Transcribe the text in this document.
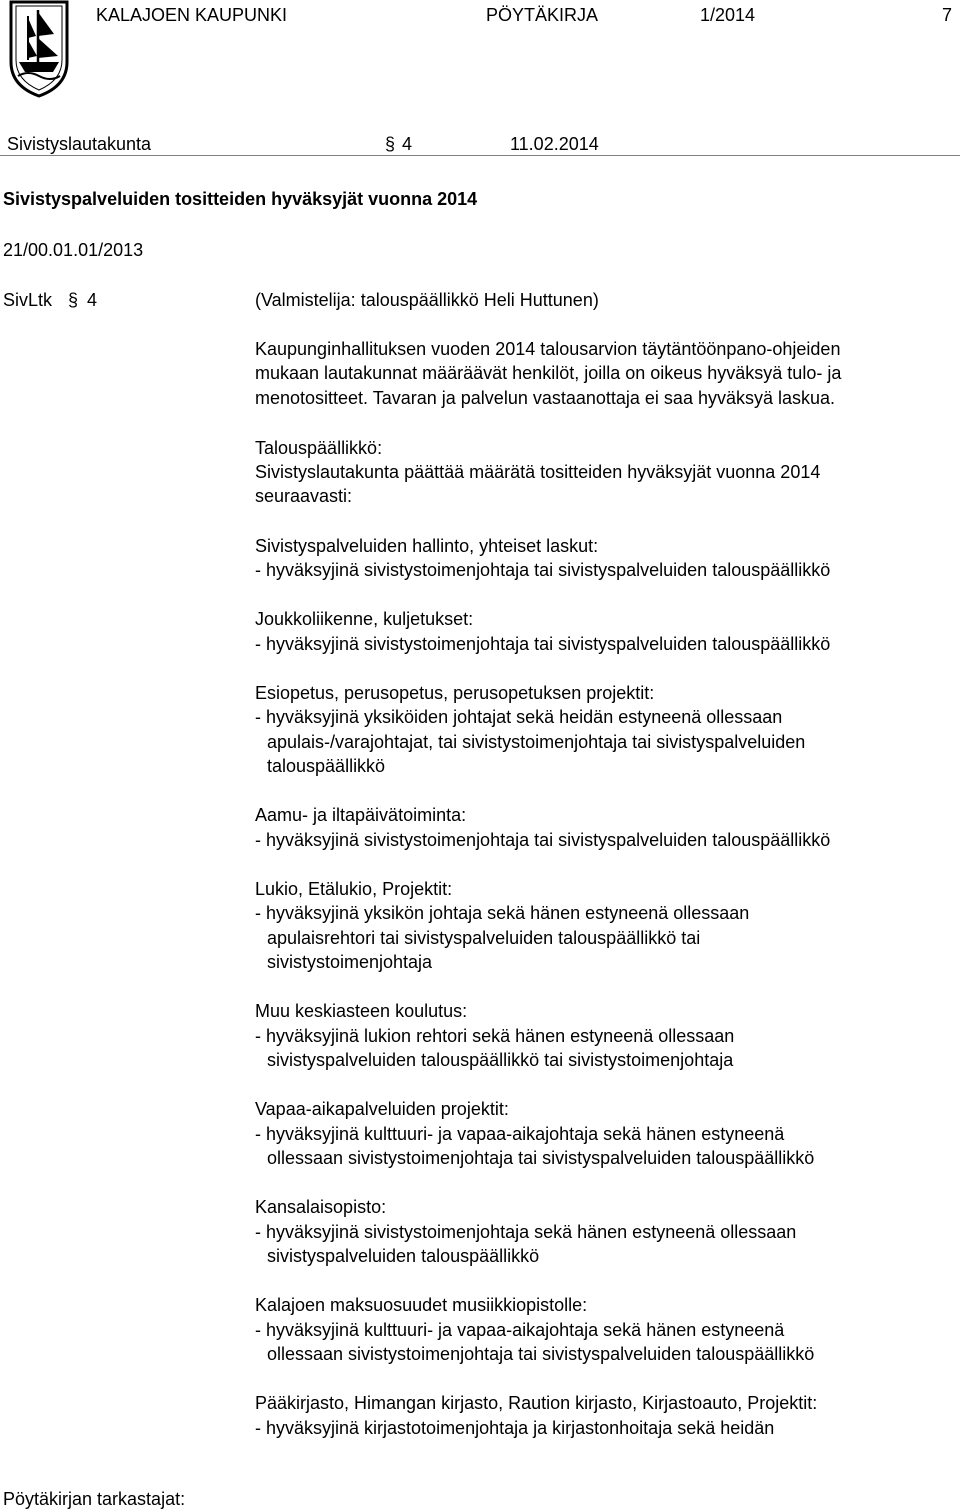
KALAJOEN KAUPUNKI	PÖYTÄKIRJA	1/2014	7
Sivistyslautakunta	§ 4	11.02.2014
Sivistyspalveluiden tositteiden hyväksyjät vuonna 2014
21/00.01.01/2013
SivLtk § 4	(Valmistelija: talouspäällikkö Heli Huttunen)
Kaupunginhallituksen vuoden 2014 talousarvion täytäntöönpano-ohjeiden
mukaan lautakunnat määräävät henkilöt, joilla on oikeus hyväksyä tulo- ja
menotositteet. Tavaran ja palvelun vastaanottaja ei saa hyväksyä laskua.
Talouspäällikkö:
Sivistyslautakunta päättää määrätä tositteiden hyväksyjät vuonna 2014
seuraavasti:
Sivistyspalveluiden hallinto, yhteiset laskut:
- hyväksyjinä sivistystoimenjohtaja tai sivistyspalveluiden talouspäällikkö
Joukkoliikenne, kuljetukset:
- hyväksyjinä sivistystoimenjohtaja tai sivistyspalveluiden talouspäällikkö
Esiopetus, perusopetus, perusopetuksen projektit:
- hyväksyjinä yksiköiden johtajat sekä heidän estyneenä ollessaan
apulais-/varajohtajat, tai sivistystoimenjohtaja tai sivistyspalveluiden
talouspäällikkö
Aamu- ja iltapäivätoiminta:
- hyväksyjinä sivistystoimenjohtaja tai sivistyspalveluiden talouspäällikkö
Lukio, Etälukio, Projektit:
- hyväksyjinä yksikön johtaja sekä hänen estyneenä ollessaan
apulaisrehtori tai sivistyspalveluiden talouspäällikkö tai
sivistystoimenjohtaja
Muu keskiasteen koulutus:
- hyväksyjinä lukion rehtori sekä hänen estyneenä ollessaan
sivistyspalveluiden talouspäällikkö tai sivistystoimenjohtaja
Vapaa-aikapalveluiden projektit:
- hyväksyjinä kulttuuri- ja vapaa-aikajohtaja sekä hänen estyneenä
ollessaan sivistystoimenjohtaja tai sivistyspalveluiden talouspäällikkö
Kansalaisopisto:
- hyväksyjinä sivistystoimenjohtaja sekä hänen estyneenä ollessaan
sivistyspalveluiden talouspäällikkö
Kalajoen maksuosuudet musiikkiopistolle:
- hyväksyjinä kulttuuri- ja vapaa-aikajohtaja sekä hänen estyneenä
ollessaan sivistystoimenjohtaja tai sivistyspalveluiden talouspäällikkö
Pääkirjasto, Himangan kirjasto, Raution kirjasto, Kirjastoauto, Projektit:
- hyväksyjinä kirjastotoimenjohtaja ja kirjastonhoitaja sekä heidän
Pöytäkirjan tarkastajat:
